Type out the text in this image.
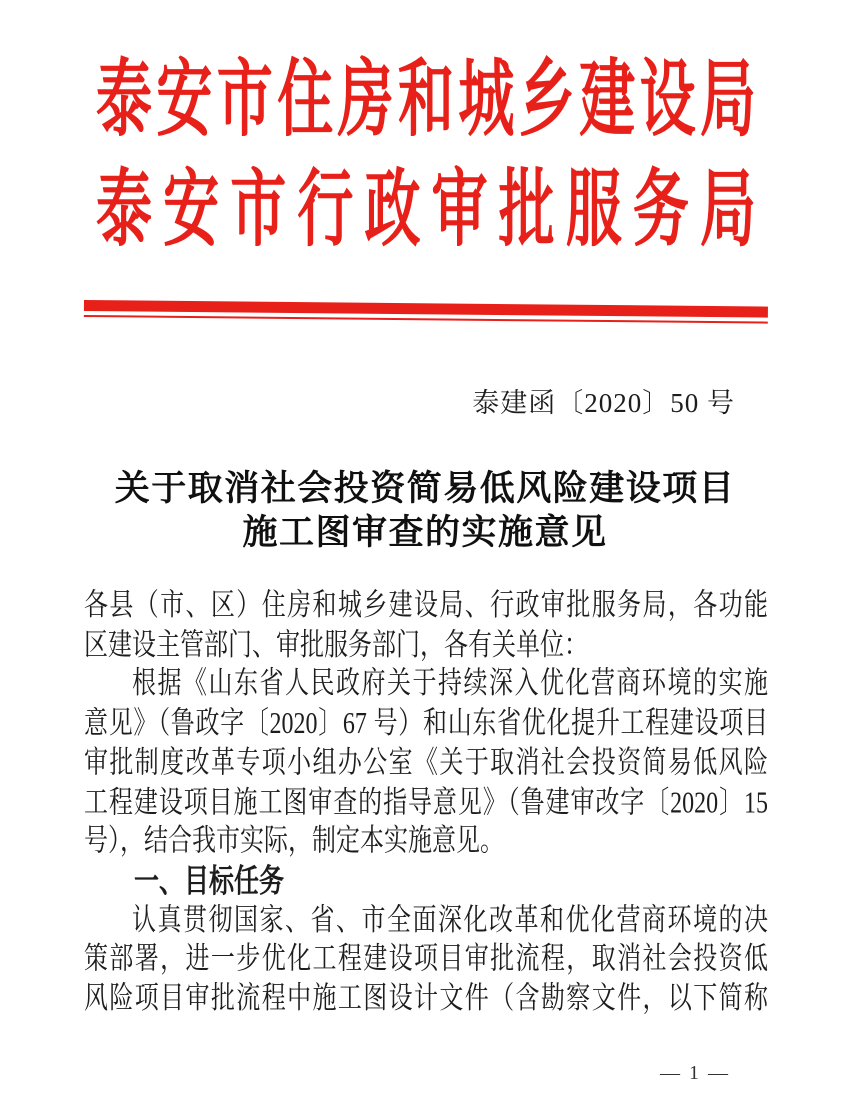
泰安市住房和城乡建设局
泰安市行政审批服务局
泰建函〔2020〕50 号
关于取消社会投资简易低风险建设项目
施工图审查的实施意见
各县（市、区）住房和城乡建设局、行政审批服务局，各功能
区建设主管部门、审批服务部门，各有关单位：
根据《山东省人民政府关于持续深入优化营商环境的实施
意见》（鲁政字〔2020〕67 号）和山东省优化提升工程建设项目
审批制度改革专项小组办公室《关于取消社会投资简易低风险
工程建设项目施工图审查的指导意见》（鲁建审改字〔2020〕15
号），结合我市实际，制定本实施意见。
一、目标任务
认真贯彻国家、省、市全面深化改革和优化营商环境的决
策部署，进一步优化工程建设项目审批流程，取消社会投资低
风险项目审批流程中施工图设计文件（含勘察文件，以下简称
— 1 —
